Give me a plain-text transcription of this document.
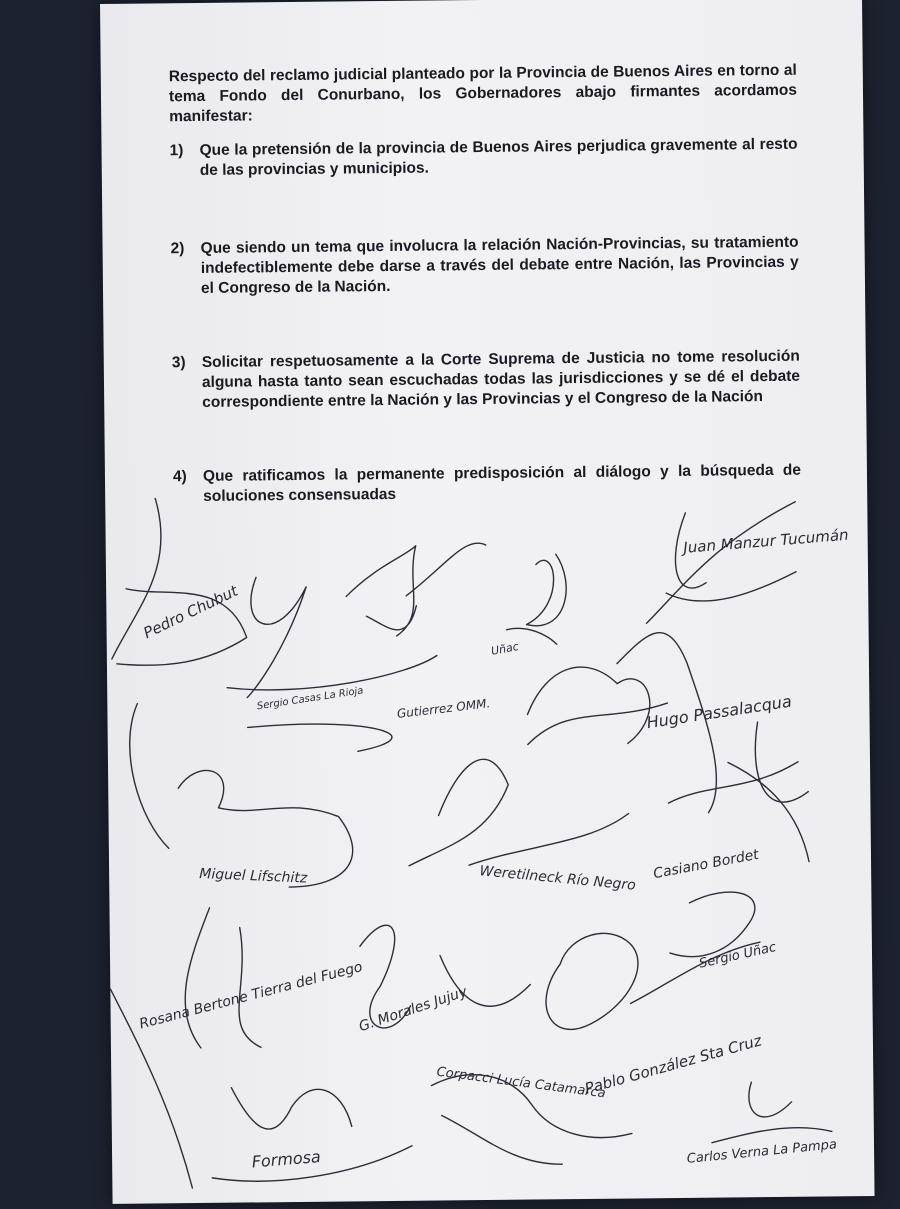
Respecto del reclamo judicial planteado por la Provincia de Buenos Aires en torno al tema Fondo del Conurbano, los Gobernadores abajo firmantes acordamos manifestar:

1)	Que la pretensión de la provincia de Buenos Aires perjudica gravemente al resto de las provincias y municipios.
2)	Que siendo un tema que involucra la relación Nación-Provincias, su tratamiento indefectiblemente debe darse a través del debate entre Nación, las Provincias y el Congreso de la Nación.
3)	Solicitar respetuosamente a la Corte Suprema de Justicia no tome resolución alguna hasta tanto sean escuchadas todas las jurisdicciones y se dé el debate correspondiente entre la Nación y las Provincias y el Congreso de la Nación
4)	Que ratificamos la permanente predisposición al diálogo y la búsqueda de soluciones consensuadas
Pedro Chubut
Sergio Casas La Rioja	Gutierrez OMM.
Uñac
Juan Manzur Tucumán
Hugo Passalacqua
Miguel Lifschitz	Weretilneck Río Negro Casiano Bordet
Rosana Bertone Tierra del Fuego
G. Morales Jujuy
Sergio Uñac
Pablo González Sta Cruz
Formosa
Corpacci Lucía Catamarca
Carlos Verna La Pampa
